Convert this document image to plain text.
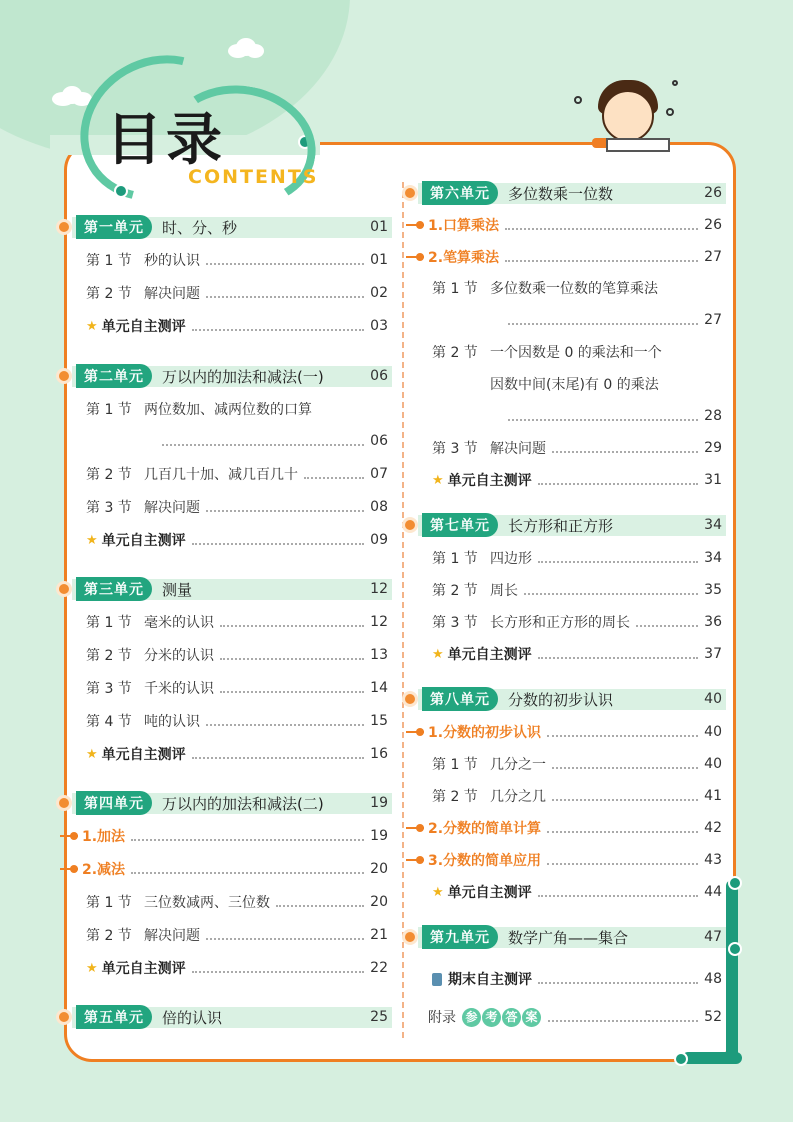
目录
CONTENTS
第一单元	时、分、秒	01
第 1 节 秒的认识	01
第 2 节 解决问题	02
★ 单元自主测评	03
第二单元	万以内的加法和减法(一)	06
第 1 节 两位数加、减两位数的口算
06
第 2 节 几百几十加、减几百几十	07
第 3 节 解决问题	08
★ 单元自主测评	09
第三单元	测量	12
第 1 节 毫米的认识	12
第 2 节 分米的认识	13
第 3 节 千米的认识	14
第 4 节 吨的认识	15
★ 单元自主测评	16
第四单元	万以内的加法和减法(二)	19
1.加法	19
2.减法	20
第 1 节 三位数减两、三位数	20
第 2 节 解决问题	21
★ 单元自主测评	22
第五单元	倍的认识	25
第六单元	多位数乘一位数	26
1.口算乘法	26
2.笔算乘法	27
第 1 节 多位数乘一位数的笔算乘法
27
第 2 节 一个因数是 0 的乘法和一个
因数中间(末尾)有 0 的乘法
28
第 3 节 解决问题	29
★ 单元自主测评	31
第七单元	长方形和正方形	34
第 1 节 四边形	34
第 2 节 周长	35
第 3 节 长方形和正方形的周长	36
★ 单元自主测评	37
第八单元	分数的初步认识	40
1.分数的初步认识	40
第 1 节 几分之一	40
第 2 节 几分之几	41
2.分数的简单计算	42
3.分数的简单应用	43
★ 单元自主测评	44
第九单元	数学广角——集合	47
期末自主测评	48
附录 参 考 答 案	52
